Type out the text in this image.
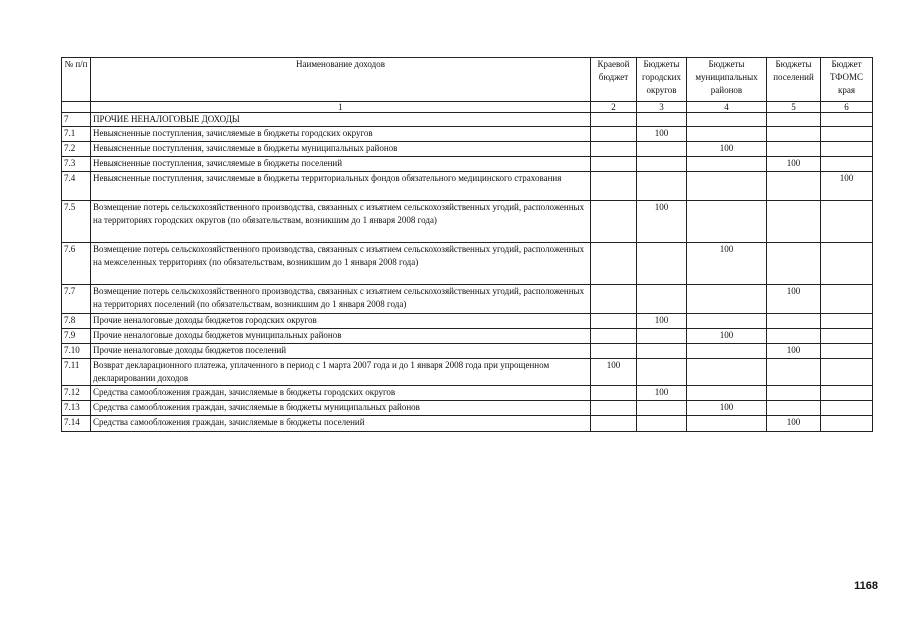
№ п/п	Наименование доходов	Краевой бюджет	Бюджеты городских округов	Бюджеты муниципальных районов	Бюджеты поселений	Бюджет ТФОМС края
	1	2	3	4	5	6
7	ПРОЧИЕ НЕНАЛОГОВЫЕ ДОХОДЫ					
7.1	Невыясненные поступления, зачисляемые в бюджеты городских округов		100			
7.2	Невыясненные поступления, зачисляемые в бюджеты муниципальных районов			100		
7.3	Невыясненные поступления, зачисляемые в бюджеты поселений				100	
7.4	Невыясненные поступления, зачисляемые в бюджеты территориальных фондов обязательного медицинского страхования					100
7.5	Возмещение потерь сельскохозяйственного производства, связанных с изъятием сельскохозяйственных угодий, расположенных на территориях городских округов (по обязательствам, возникшим до 1 января 2008 года)		100			
7.6	Возмещение потерь сельскохозяйственного производства, связанных с изъятием сельскохозяйственных угодий, расположенных на межселенных территориях (по обязательствам, возникшим до 1 января 2008 года)			100		
7.7	Возмещение потерь сельскохозяйственного производства, связанных с изъятием сельскохозяйственных угодий, расположенных на территориях поселений (по обязательствам, возникшим до 1 января 2008 года)				100	
7.8	Прочие неналоговые доходы бюджетов городских округов		100			
7.9	Прочие неналоговые доходы бюджетов муниципальных районов			100		
7.10	Прочие неналоговые доходы бюджетов поселений				100	
7.11	Возврат декларационного платежа, уплаченного в период с 1 марта 2007 года и до 1 января 2008 года при упрощенном декларировании доходов	100				
7.12	Средства самообложения граждан, зачисляемые в бюджеты городских округов		100			
7.13	Средства самообложения граждан, зачисляемые в бюджеты муниципальных районов			100		
7.14	Средства самообложения граждан, зачисляемые в бюджеты поселений				100	
1168
